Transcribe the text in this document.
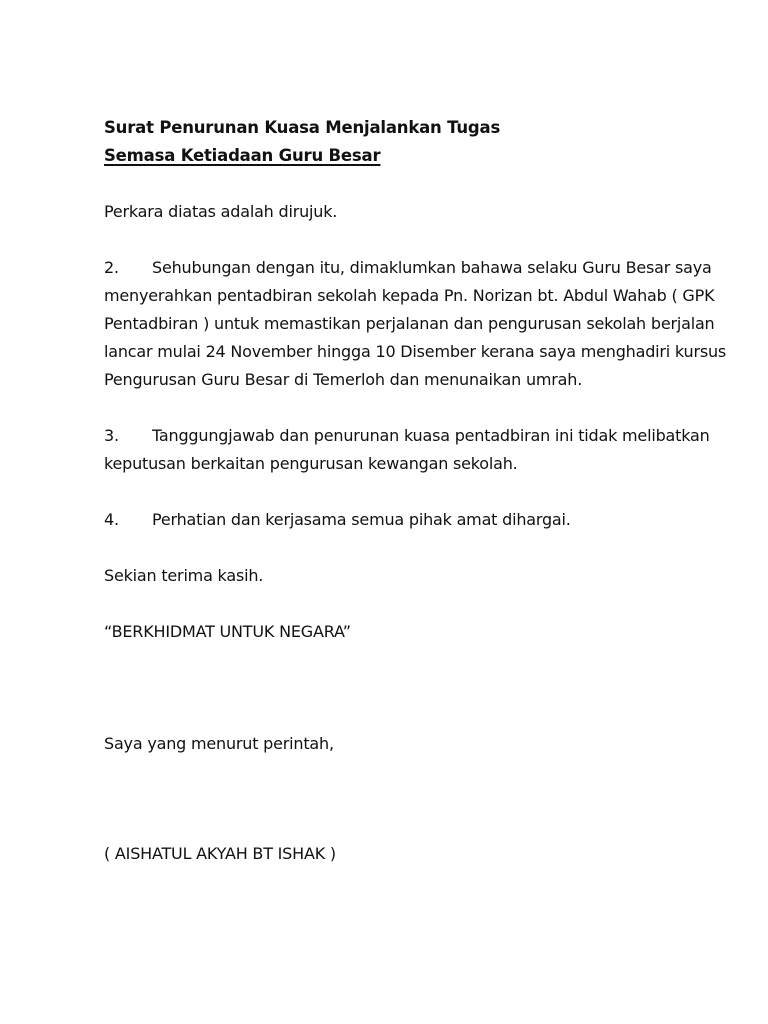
Surat Penurunan Kuasa Menjalankan Tugas
Semasa Ketiadaan Guru Besar
Perkara diatas adalah dirujuk.
2. Sehubungan dengan itu, dimaklumkan bahawa selaku Guru Besar saya
menyerahkan pentadbiran sekolah kepada Pn. Norizan bt. Abdul Wahab ( GPK
Pentadbiran ) untuk memastikan perjalanan dan pengurusan sekolah berjalan
lancar mulai 24 November hingga 10 Disember kerana saya menghadiri kursus
Pengurusan Guru Besar di Temerloh dan menunaikan umrah.
3. Tanggungjawab dan penurunan kuasa pentadbiran ini tidak melibatkan
keputusan berkaitan pengurusan kewangan sekolah.
4. Perhatian dan kerjasama semua pihak amat dihargai.
Sekian terima kasih.
“BERKHIDMAT UNTUK NEGARA”
Saya yang menurut perintah,
( AISHATUL AKYAH BT ISHAK )
